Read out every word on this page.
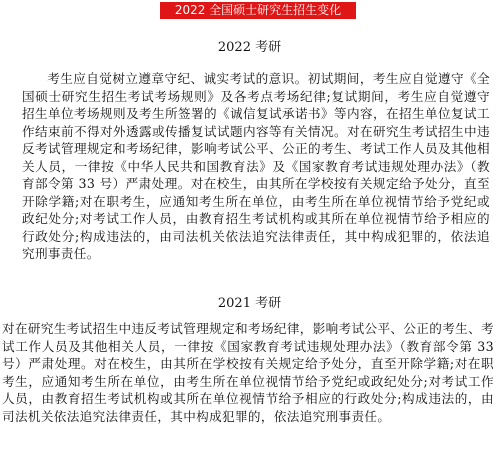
2022 全国硕士研究生招生变化
2022 考研

考生应自觉树立遵章守纪、诚实考试的意识。初试期间，考生应自觉遵守《全国硕士研究生招生考试考场规则》及各考点考场纪律;复试期间，考生应自觉遵守招生单位考场规则及考生所签署的《诚信复试承诺书》等内容，在招生单位复试工作结束前不得对外透露或传播复试试题内容等有关情况。对在研究生考试招生中违反考试管理规定和考场纪律，影响考试公平、公正的考生、考试工作人员及其他相关人员，一律按《中华人民共和国教育法》及《国家教育考试违规处理办法》（教育部令第 33 号）严肃处理。对在校生，由其所在学校按有关规定给予处分，直至开除学籍;对在职考生，应通知考生所在单位，由考生所在单位视情节给予党纪或政纪处分;对考试工作人员，由教育招生考试机构或其所在单位视情节给予相应的行政处分;构成违法的，由司法机关依法追究法律责任，其中构成犯罪的，依法追究刑事责任。

2021 考研

对在研究生考试招生中违反考试管理规定和考场纪律，影响考试公平、公正的考生、考试工作人员及其他相关人员，一律按《国家教育考试违规处理办法》（教育部令第 33 号）严肃处理。对在校生，由其所在学校按有关规定给予处分，直至开除学籍;对在职考生，应通知考生所在单位，由考生所在单位视情节给予党纪或政纪处分;对考试工作人员，由教育招生考试机构或其所在单位视情节给予相应的行政处分;构成违法的，由司法机关依法追究法律责任，其中构成犯罪的，依法追究刑事责任。
